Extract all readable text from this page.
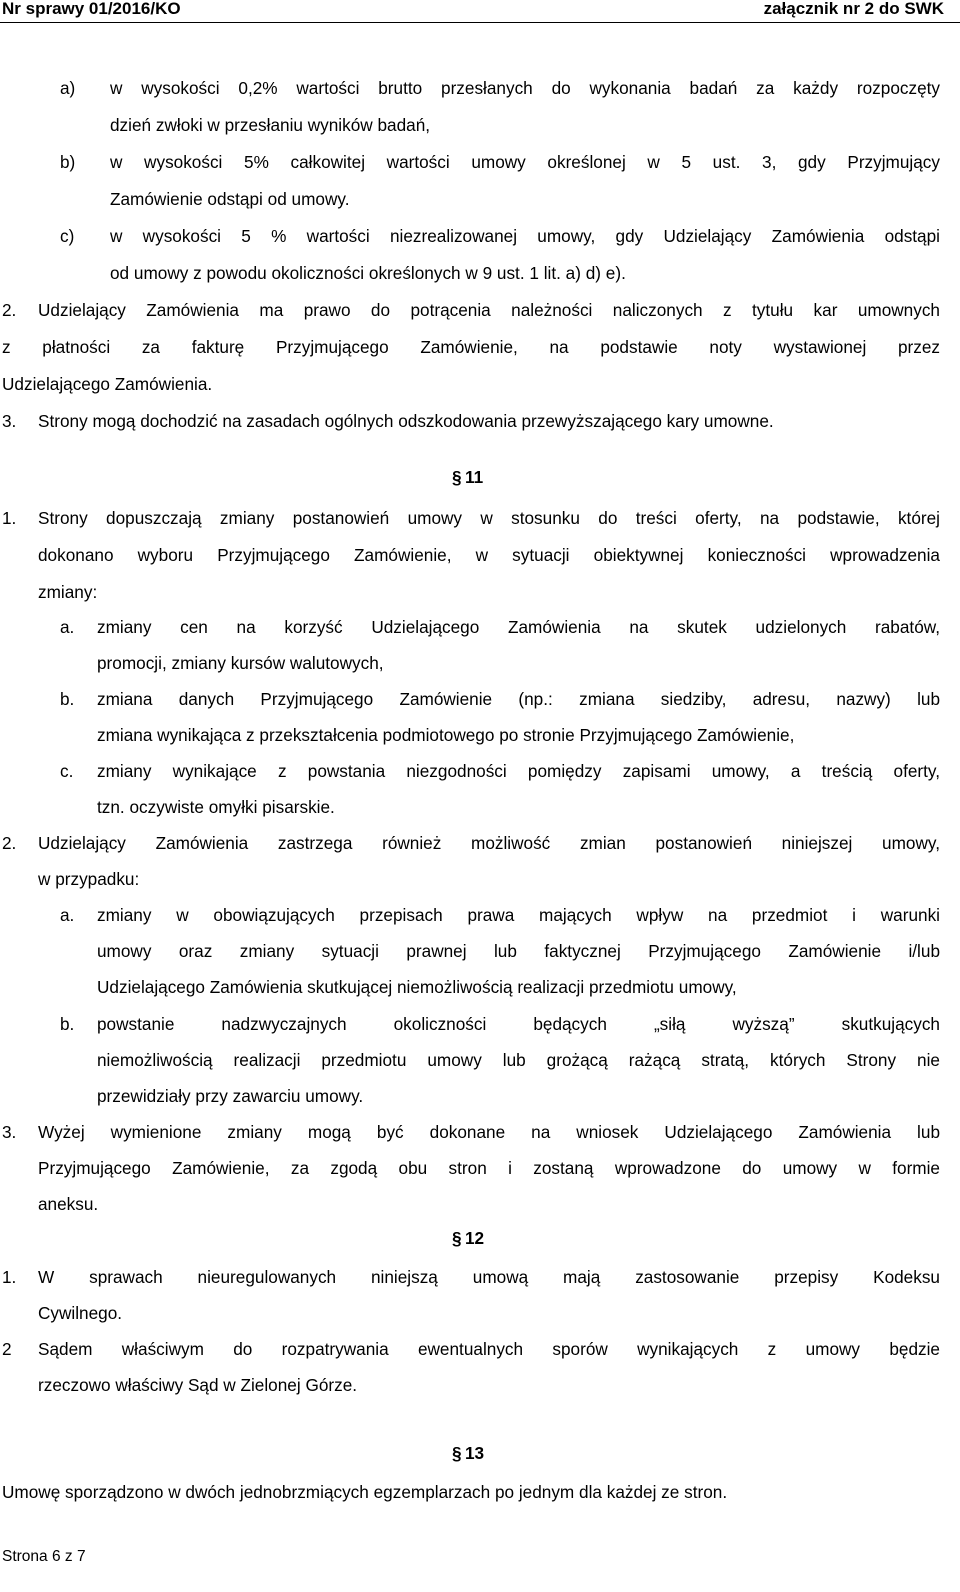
Nr sprawy 01/2016/KO	załącznik nr 2 do SWK
a) w wysokości 0,2% wartości brutto przesłanych do wykonania badań za każdy rozpoczęty
dzień zwłoki w przesłaniu wyników badań,
b) w wysokości 5% całkowitej wartości umowy określonej w 5 ust. 3, gdy Przyjmujący
Zamówienie odstąpi od umowy.
c) w wysokości 5 % wartości niezrealizowanej umowy, gdy Udzielający Zamówienia odstąpi
od umowy z powodu okoliczności określonych w 9 ust. 1 lit. a) d) e).
2. Udzielający Zamówienia ma prawo do potrącenia należności naliczonych z tytułu kar umownych
z płatności za fakturę Przyjmującego Zamówienie, na podstawie noty wystawionej przez
Udzielającego Zamówienia.
3. Strony mogą dochodzić na zasadach ogólnych odszkodowania przewyższającego kary umowne.
§ 11
1. Strony dopuszczają zmiany postanowień umowy w stosunku do treści oferty, na podstawie, której
dokonano wyboru Przyjmującego Zamówienie, w sytuacji obiektywnej konieczności wprowadzenia
zmiany:
a. zmiany cen na korzyść Udzielającego Zamówienia na skutek udzielonych rabatów,
promocji, zmiany kursów walutowych,
b. zmiana danych Przyjmującego Zamówienie (np.: zmiana siedziby, adresu, nazwy) lub
zmiana wynikająca z przekształcenia podmiotowego po stronie Przyjmującego Zamówienie,
c. zmiany wynikające z powstania niezgodności pomiędzy zapisami umowy, a treścią oferty,
tzn. oczywiste omyłki pisarskie.
2. Udzielający Zamówienia zastrzega również możliwość zmian postanowień niniejszej umowy,
w przypadku:
a. zmiany w obowiązujących przepisach prawa mających wpływ na przedmiot i warunki
umowy oraz zmiany sytuacji prawnej lub faktycznej Przyjmującego Zamówienie i/lub
Udzielającego Zamówienia skutkującej niemożliwością realizacji przedmiotu umowy,
b. powstanie nadzwyczajnych okoliczności będących „siłą wyższą” skutkujących
niemożliwością realizacji przedmiotu umowy lub grożącą rażącą stratą, których Strony nie
przewidziały przy zawarciu umowy.
3. Wyżej wymienione zmiany mogą być dokonane na wniosek Udzielającego Zamówienia lub
Przyjmującego Zamówienie, za zgodą obu stron i zostaną wprowadzone do umowy w formie
aneksu.
§ 12
1. W sprawach nieuregulowanych niniejszą umową mają zastosowanie przepisy Kodeksu
Cywilnego.
2 Sądem właściwym do rozpatrywania ewentualnych sporów wynikających z umowy będzie
rzeczowo właściwy Sąd w Zielonej Górze.
§ 13
Umowę sporządzono w dwóch jednobrzmiących egzemplarzach po jednym dla każdej ze stron.
Strona 6 z 7
